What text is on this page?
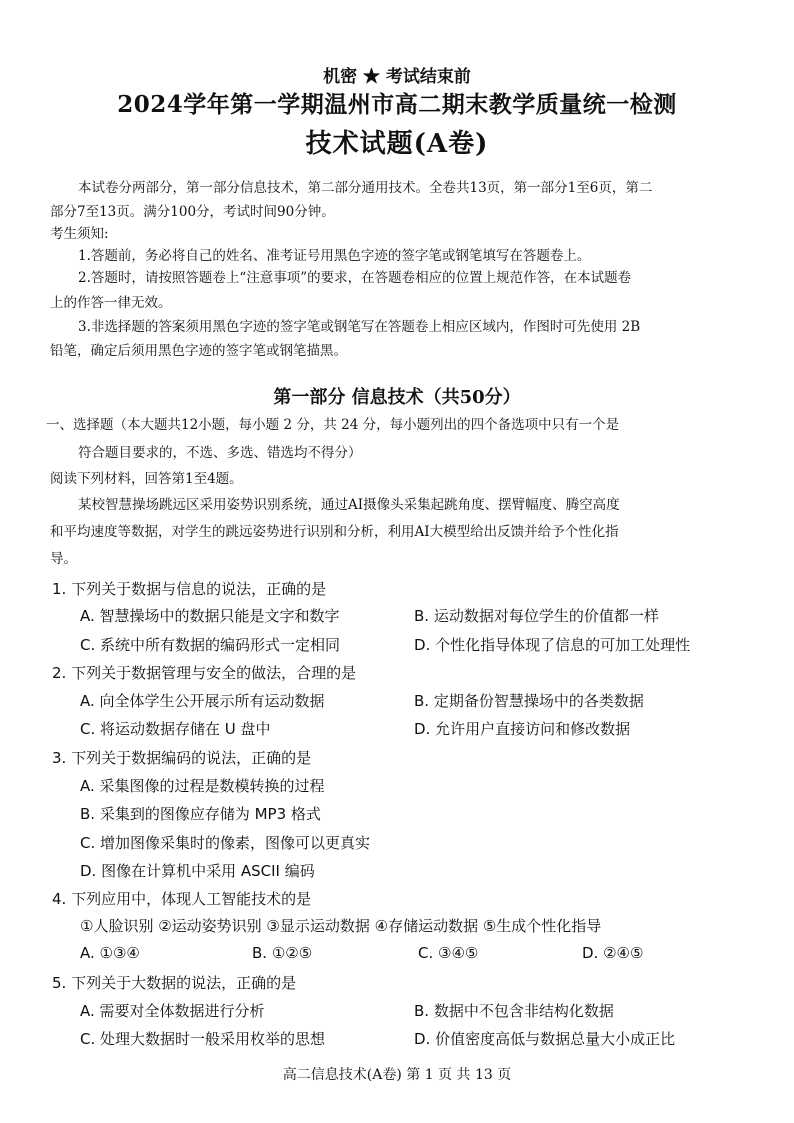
机密 ★ 考试结束前
2024学年第一学期温州市高二期末教学质量统一检测
技术试题(A卷)
本试卷分两部分，第一部分信息技术，第二部分通用技术。全卷共13页，第一部分1至6页，第二
部分7至13页。满分100分，考试时间90分钟。
考生须知:
1.答题前，务必将自己的姓名、准考证号用黑色字迹的签字笔或钢笔填写在答题卷上。
2.答题时，请按照答题卷上“注意事项”的要求，在答题卷相应的位置上规范作答，在本试题卷
上的作答一律无效。
3.非选择题的答案须用黑色字迹的签字笔或钢笔写在答题卷上相应区域内，作图时可先使用 2B
铅笔，确定后须用黑色字迹的签字笔或钢笔描黑。
第一部分 信息技术（共50分）
一、选择题（本大题共12小题，每小题 2 分，共 24 分，每小题列出的四个备选项中只有一个是
符合题目要求的，不选、多选、错选均不得分）
阅读下列材料，回答第1至4题。
某校智慧操场跳远区采用姿势识别系统，通过AI摄像头采集起跳角度、摆臂幅度、腾空高度
和平均速度等数据，对学生的跳远姿势进行识别和分析，利用AI大模型给出反馈并给予个性化指
导。
1. 下列关于数据与信息的说法，正确的是
A. 智慧操场中的数据只能是文字和数字	B. 运动数据对每位学生的价值都一样
C. 系统中所有数据的编码形式一定相同	D. 个性化指导体现了信息的可加工处理性
2. 下列关于数据管理与安全的做法，合理的是
A. 向全体学生公开展示所有运动数据	B. 定期备份智慧操场中的各类数据
C. 将运动数据存储在 U 盘中	D. 允许用户直接访问和修改数据
3. 下列关于数据编码的说法，正确的是
A. 采集图像的过程是数模转换的过程
B. 采集到的图像应存储为 MP3 格式
C. 增加图像采集时的像素，图像可以更真实
D. 图像在计算机中采用 ASCII 编码
4. 下列应用中，体现人工智能技术的是
①人脸识别 ②运动姿势识别 ③显示运动数据 ④存储运动数据 ⑤生成个性化指导
A. ①③④	B. ①②⑤	C. ③④⑤	D. ②④⑤
5. 下列关于大数据的说法，正确的是
A. 需要对全体数据进行分析	B. 数据中不包含非结构化数据
C. 处理大数据时一般采用枚举的思想	D. 价值密度高低与数据总量大小成正比
高二信息技术(A卷) 第 1 页 共 13 页
